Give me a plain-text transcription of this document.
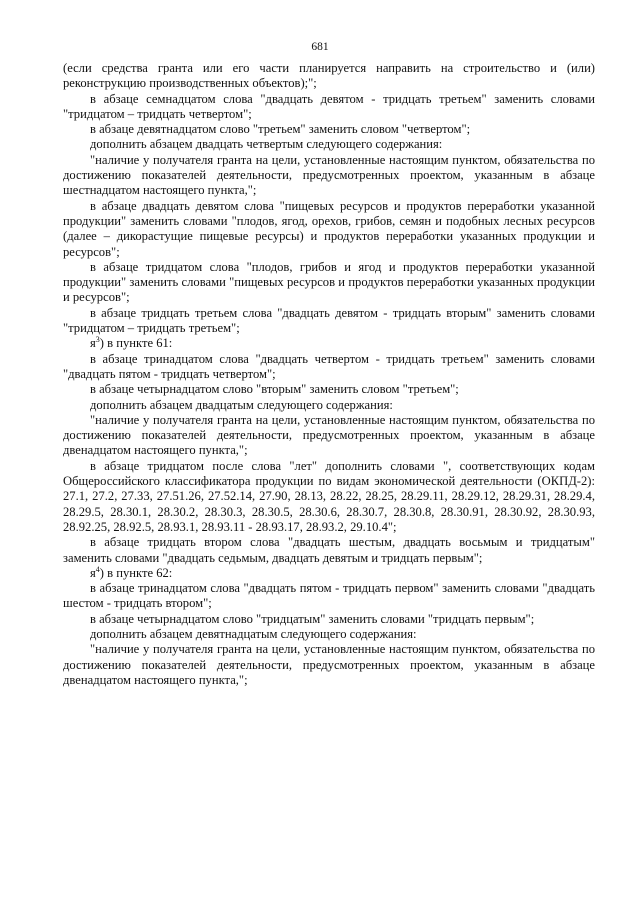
681

(если средства гранта или его части планируется направить на строительство и (или) реконструкцию производственных объектов);";

в абзаце семнадцатом слова "двадцать девятом - тридцать третьем" заменить словами "тридцатом – тридцать четвертом";

в абзаце девятнадцатом слово "третьем" заменить словом "четвертом";

дополнить абзацем двадцать четвертым следующего содержания:

"наличие у получателя гранта на цели, установленные настоящим пунктом, обязательства по достижению показателей деятельности, предусмотренных проектом, указанным в абзаце шестнадцатом настоящего пункта,";

в абзаце двадцать девятом слова "пищевых ресурсов и продуктов переработки указанной продукции" заменить словами "плодов, ягод, орехов, грибов, семян и подобных лесных ресурсов (далее – дикорастущие пищевые ресурсы) и продуктов переработки указанных продукции и ресурсов";

в абзаце тридцатом слова "плодов, грибов и ягод и продуктов переработки указанной продукции" заменить словами "пищевых ресурсов и продуктов переработки указанных продукции и ресурсов";

в абзаце тридцать третьем слова "двадцать девятом - тридцать вторым" заменить словами "тридцатом – тридцать третьем";

$я^3$) в пункте 61:

в абзаце тринадцатом слова "двадцать четвертом - тридцать третьем" заменить словами "двадцать пятом - тридцать четвертом";

в абзаце четырнадцатом слово "вторым" заменить словом "третьем";

дополнить абзацем двадцатым следующего содержания:

"наличие у получателя гранта на цели, установленные настоящим пунктом, обязательства по достижению показателей деятельности, предусмотренных проектом, указанным в абзаце двенадцатом настоящего пункта,";

в абзаце тридцатом после слова "лет" дополнить словами ", соответствующих кодам Общероссийского классификатора продукции по видам экономической деятельности (ОКПД-2): 27.1, 27.2, 27.33, 27.51.26, 27.52.14, 27.90, 28.13, 28.22, 28.25, 28.29.11, 28.29.12, 28.29.31, 28.29.4, 28.29.5, 28.30.1, 28.30.2, 28.30.3, 28.30.5, 28.30.6, 28.30.7, 28.30.8, 28.30.91, 28.30.92, 28.30.93, 28.92.25, 28.92.5, 28.93.1, 28.93.11 - 28.93.17, 28.93.2, 29.10.4";

в абзаце тридцать втором слова "двадцать шестым, двадцать восьмым и тридцатым" заменить словами "двадцать седьмым, двадцать девятым и тридцать первым";

$я^4$) в пункте 62:

в абзаце тринадцатом слова "двадцать пятом - тридцать первом" заменить словами "двадцать шестом - тридцать втором";

в абзаце четырнадцатом слово "тридцатым" заменить словами "тридцать первым";

дополнить абзацем девятнадцатым следующего содержания:

"наличие у получателя гранта на цели, установленные настоящим пунктом, обязательства по достижению показателей деятельности, предусмотренных проектом, указанным в абзаце двенадцатом настоящего пункта,";
